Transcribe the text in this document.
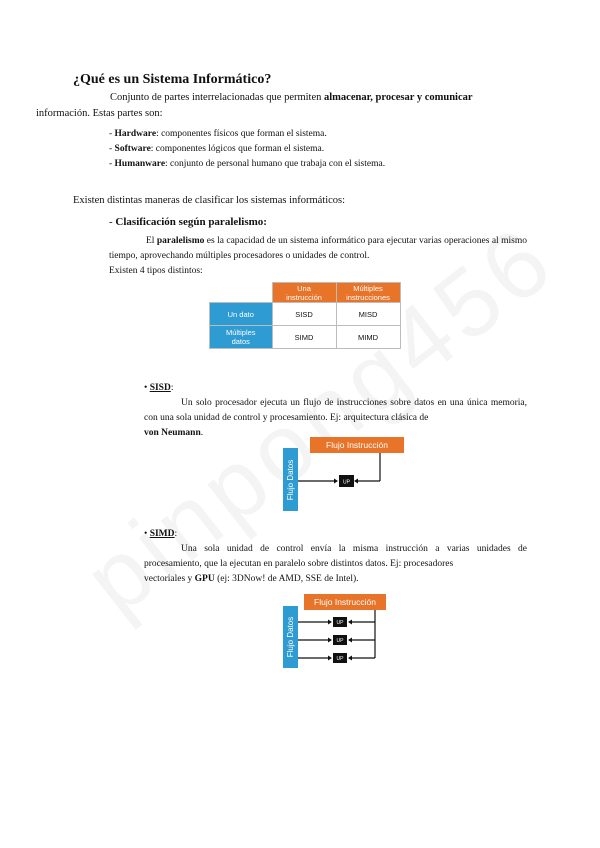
¿Qué es un Sistema Informático?
Conjunto de partes interrelacionadas que permiten almacenar, procesar y comunicar
información. Estas partes son:
- Hardware: componentes físicos que forman el sistema.
- Software: componentes lógicos que forman el sistema.
- Humanware: conjunto de personal humano que trabaja con el sistema.
Existen distintas maneras de clasificar los sistemas informáticos:
- Clasificación según paralelismo:
El paralelismo es la capacidad de un sistema informático para ejecutar varias operaciones al mismo tiempo, aprovechando múltiples procesadores o unidades de control.
Existen 4 tipos distintos:
	Una
instrucción	Múltiples
instrucciones
Un dato	SISD	MISD
Múltiples
datos	SIMD	MIMD
• SISD:
Un solo procesador ejecuta un flujo de instrucciones sobre datos en una única memoria, con una sola unidad de control y procesamiento. Ej: arquitectura clásica de
von Neumann.
Flujo Instrucción
Flujo Datos	UP
• SIMD:
Una sola unidad de control envía la misma instrucción a varias unidades de procesamiento, que la ejecutan en paralelo sobre distintos datos. Ej: procesadores
vectoriales y GPU (ej: 3DNow! de AMD, SSE de Intel).
Flujo Instrucción
Flujo Datos	UP
UP
UP
